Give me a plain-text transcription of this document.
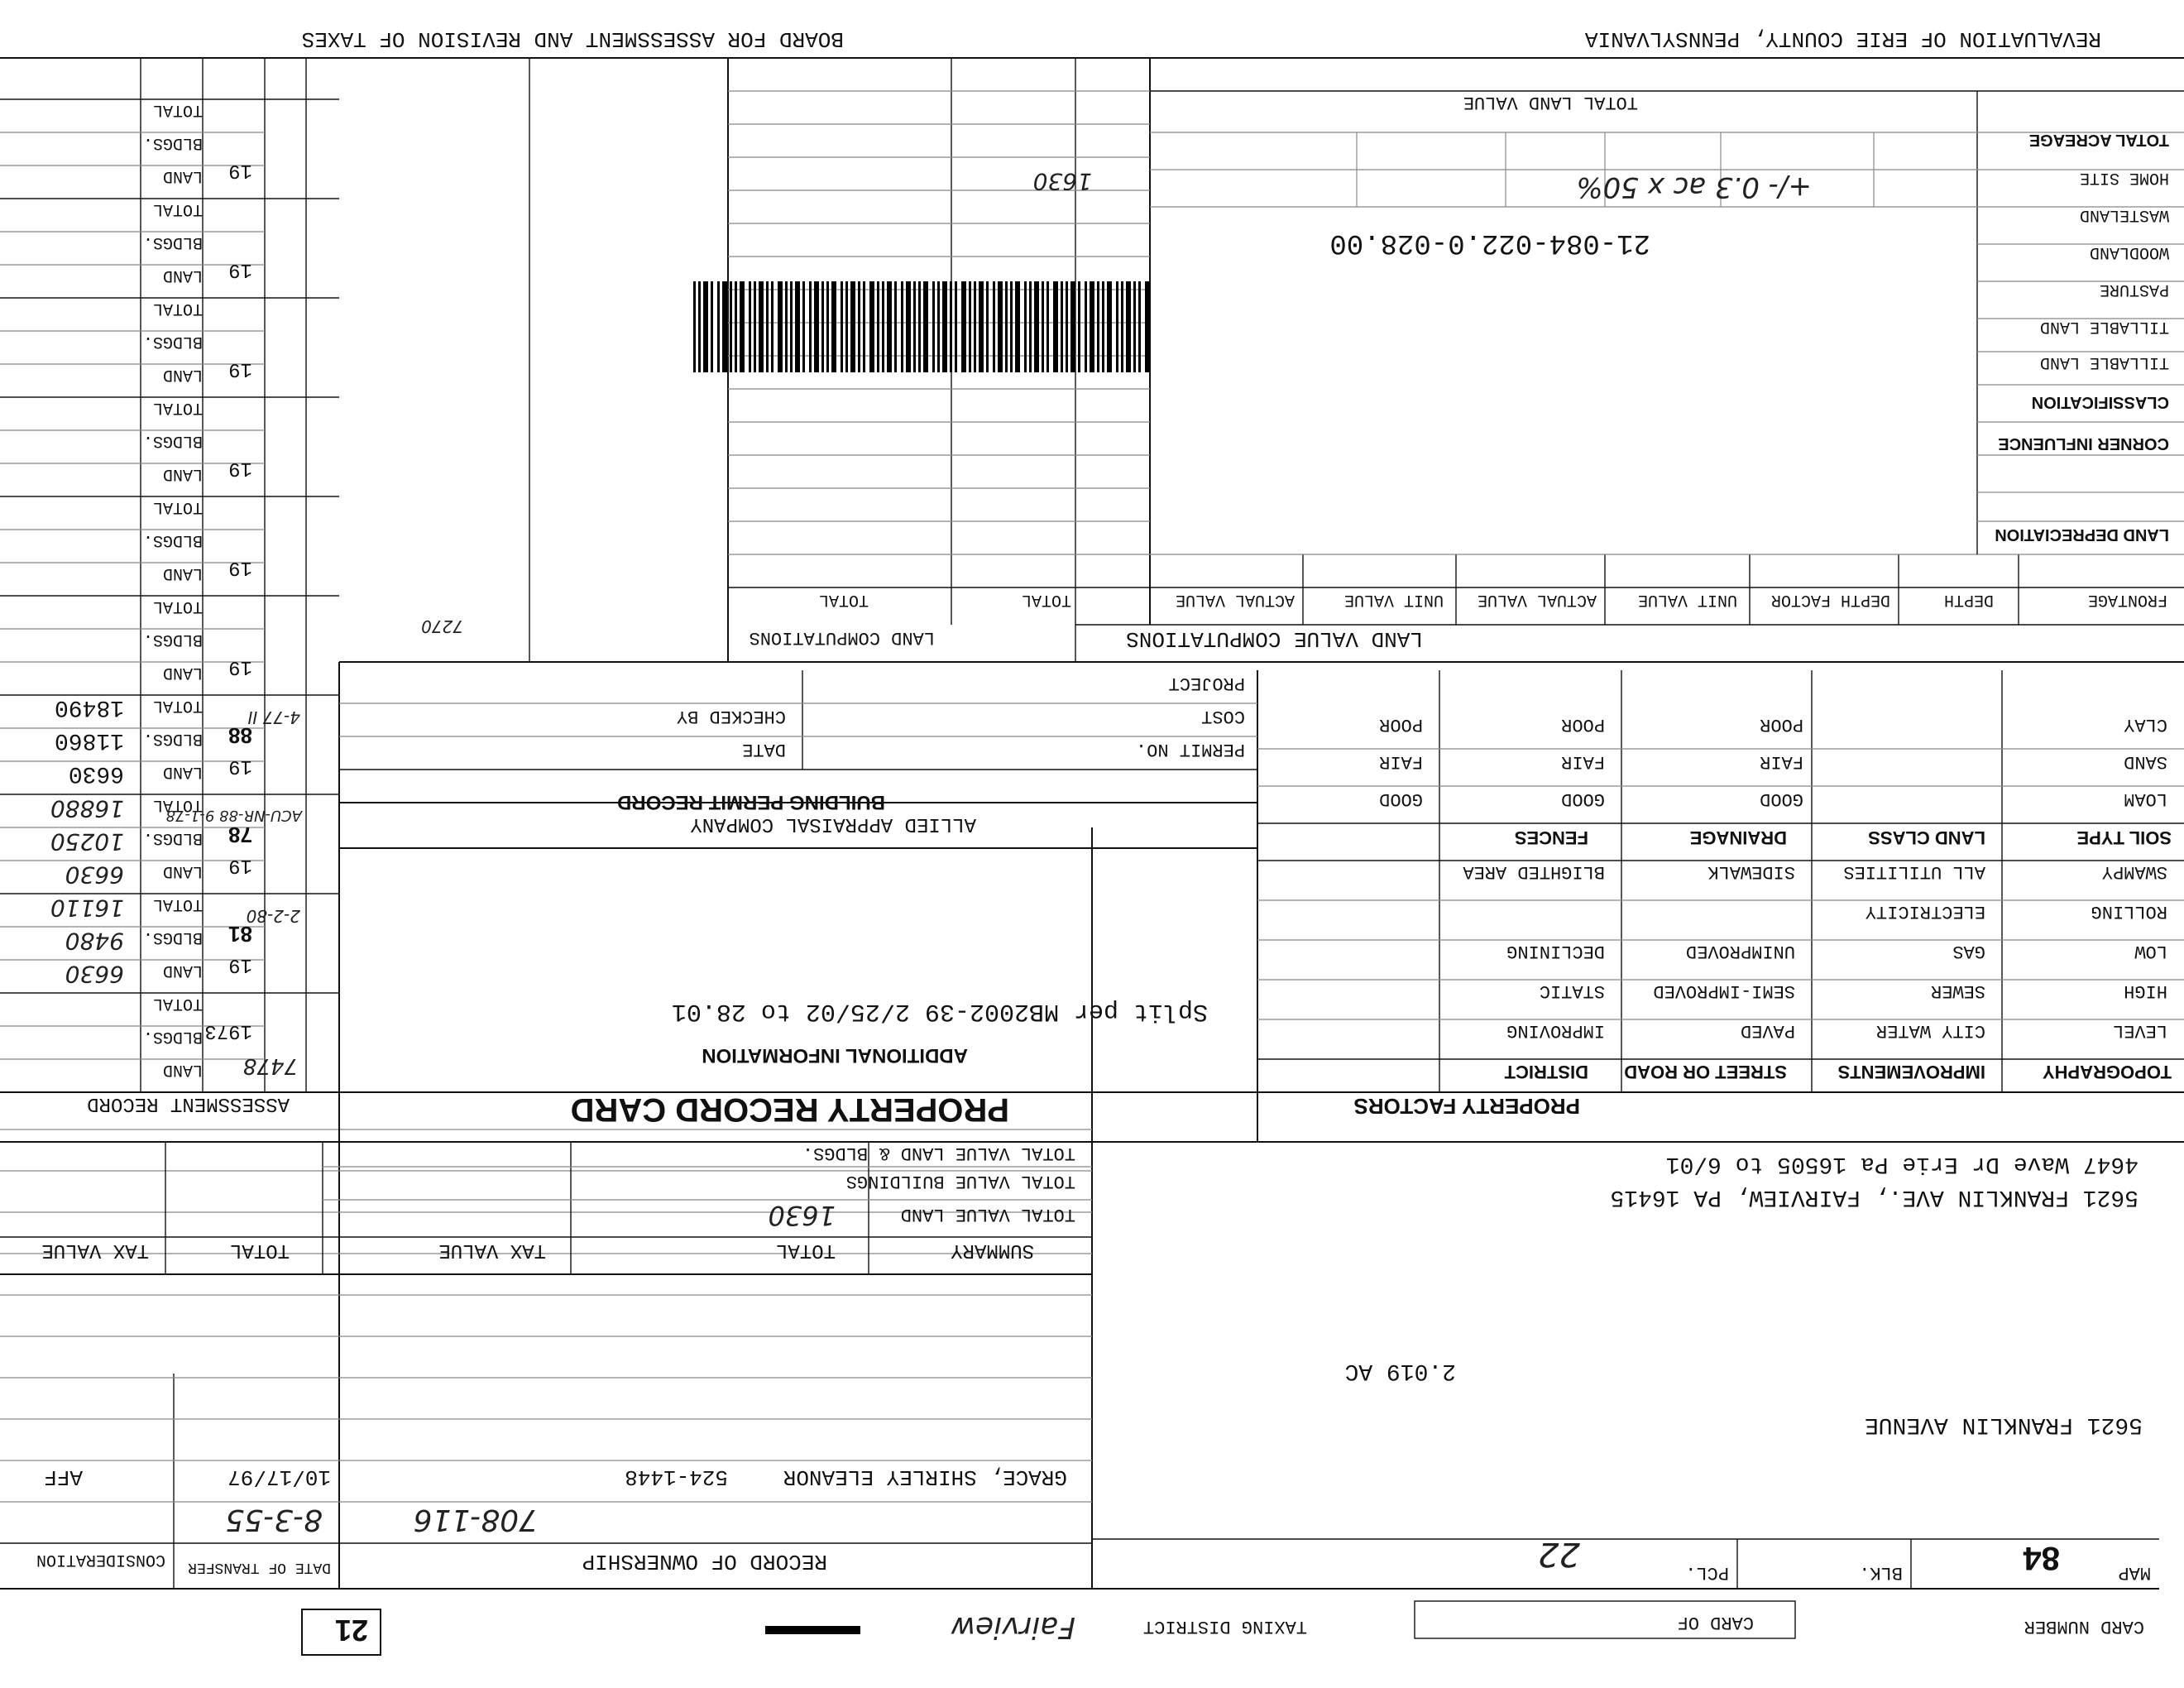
CARD NUMBER
CARD OF
TAXING DISTRICT
Fairview
21
MAP
84
BLK.
PCL.
22
RECORD OF OWNERSHIP
DATE OF TRANSFER
CONSIDERATION
708-116
8-3-55
GRACE, SHIRLEY ELEANOR
524-1448
10/17/97
AFF
5621 FRANKLIN AVENUE
2.019 AC
5621 FRANKLIN AVE., FAIRVIEW, PA 16415
4647 Wave Dr Erie Pa 16505 to 6/01
SUMMARY
TOTAL
TAX VALUE
TOTAL
TAX VALUE
TOTAL VALUE LAND
1630
TOTAL VALUE BUILDINGS
TOTAL VALUE LAND & BLDGS.
PROPERTY FACTORS
PROPERTY RECORD CARD
TOPOGRAPHY
IMPROVEMENTS
STREET OR ROAD
DISTRICT
LEVEL
HIGH
LOW
ROLLING
SWAMPY
CITY WATER
SEWER
GAS
ELECTRICITY
ALL UTILITIES
PAVED
SEMI-IMPROVED
UNIMPROVED
SIDEWALK
IMPROVING
STATIC
DECLINING
BLIGHTED AREA
SOIL TYPE
LAND CLASS
DRAINAGE
FENCES
LOAM
SAND
CLAY
GOOD
FAIR
POOR
GOOD
FAIR
POOR
GOOD
FAIR
POOR
ADDITIONAL INFORMATION
Split per MB2002-39 2/25/02 to 28.01
ALLIED APPRAISAL COMPANY
BUILDING PERMIT RECORD
PERMIT NO.
DATE
COST
CHECKED BY
PROJECT
ASSESSMENT RECORD
LAND
BLDGS.
TOTAL
1973
7478
LAND
BLDGS.
TOTAL
19
81
2-2-80
6630
9480
16110
LAND
BLDGS.
TOTAL
19
78
ACU-NR-88 9-1-78
6630
10250
16880
LAND
BLDGS.
TOTAL
19
88
4-77 II
6630
11860
18490
LAND
BLDGS.
TOTAL
19
LAND
BLDGS.
TOTAL
19
LAND
BLDGS.
TOTAL
19
LAND
BLDGS.
TOTAL
19
LAND
BLDGS.
TOTAL
19
LAND
BLDGS.
TOTAL
19
LAND VALUE COMPUTATIONS
LAND COMPUTATIONS
7270
FRONTAGE
DEPTH
DEPTH FACTOR
UNIT VALUE
ACTUAL VALUE
UNIT VALUE
ACTUAL VALUE
TOTAL
TOTAL
LAND DEPRECIATION
CORNER INFLUENCE
CLASSIFICATION
TILLABLE LAND
TILLABLE LAND
PASTURE
WOODLAND
WASTELAND
HOME SITE
TOTAL ACREAGE
TOTAL LAND VALUE
+/- 0.3 ac x 50%
1630
21-084-022.0-028.00
REVALUATION OF ERIE COUNTY, PENNSYLVANIA
BOARD FOR ASSESSMENT AND REVISION OF TAXES
